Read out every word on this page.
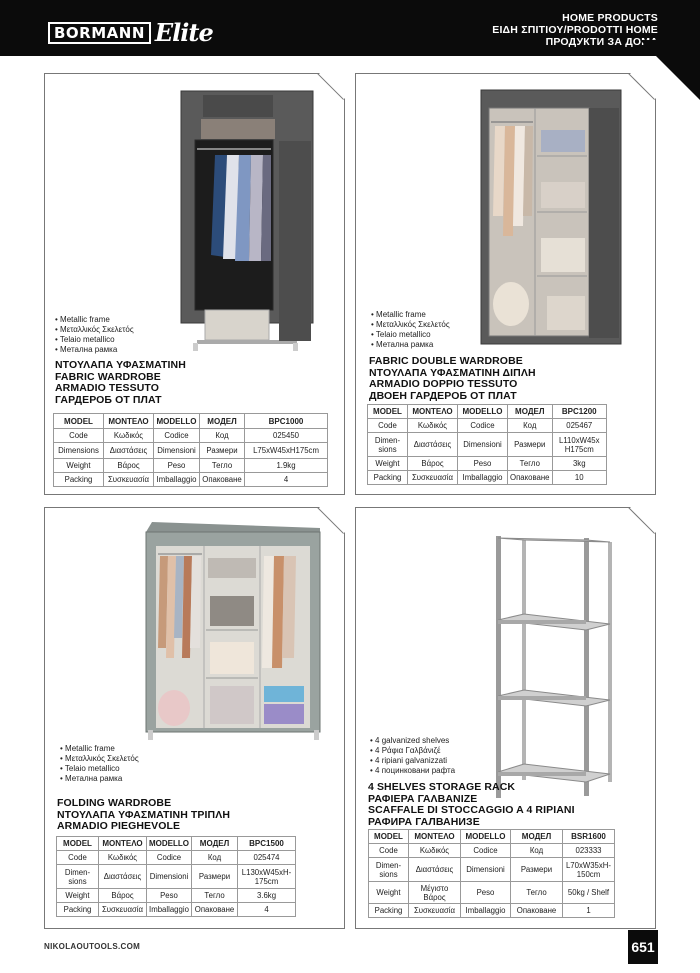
BORMANN Elite	HOME PRODUCTS
ΕΙΔΗ ΣΠΙΤΙΟΥ/PRODOTTI HOME
ПРОДУКТИ ЗА ДОМА
• Metallic frame
• Μεταλλικός Σκελετός
• Telaio metallico
• Метална рамка
ΝΤΟΥΛΑΠΑ ΥΦΑΣΜΑΤΙΝΗ
FABRIC WARDROBE
ARMADIO TESSUTO
ГАРДЕРОБ ОТ ПЛАТ
MODEL	ΜΟΝΤΕΛΟ	MODELLO	МОДЕЛ	BPC1000
Code	Κωδικός	Codice	Код	025450
Dimensions	Διαστάσεις	Dimensioni	Размери	L75xW45xH175cm
Weight	Βάρος	Peso	Тегло	1.9kg
Packing	Συσκευασία	Imballaggio	Опаковане	4
• Metallic frame
• Μεταλλικός Σκελετός
• Telaio metallico
• Метална рамка
FABRIC DOUBLE WARDROBE
ΝΤΟΥΛΑΠΑ ΥΦΑΣΜΑΤΙΝΗ ΔΙΠΛΗ
ARMADIO DOPPIO TESSUTO
ДВОЕН ГАРДЕРОБ ОТ ПЛАТ
MODEL	ΜΟΝΤΕΛΟ	MODELLO	МОДЕЛ	BPC1200
Code	Κωδικός	Codice	Код	025467
Dimen-sions	Διαστάσεις	Dimensioni	Размери	L110xW45x H175cm
Weight	Βάρος	Peso	Тегло	3kg
Packing	Συσκευασία	Imballaggio	Опаковане	10
• Metallic frame
• Μεταλλικός Σκελετός
• Telaio metallico
• Метална рамка
FOLDING WARDROBE
ΝΤΟΥΛΑΠΑ ΥΦΑΣΜΑΤΙΝΗ ΤΡΙΠΛΗ
ARMADIO PIEGHEVOLE
MODEL	ΜΟΝΤΕΛΟ	MODELLO	МОДЕЛ	BPC1500
Code	Κωδικός	Codice	Код	025474
Dimen-sions	Διαστάσεις	Dimensioni	Размери	L130xW45xH-175cm
Weight	Βάρος	Peso	Тегло	3.6kg
Packing	Συσκευασία	Imballaggio	Опаковане	4
• 4 galvanized shelves
• 4 Ράφια Γαλβάνιζέ
• 4 ripiani galvanizzati
• 4 поцинковани рафта
4 SHELVES STORAGE RACK
ΡΑΦΙΕΡΑ ΓΑΛΒΑΝΙΖΕ
SCAFFALE DI STOCCAGGIO A 4 RIPIANI
РАФИРА ГАЛВАНИЗЕ
MODEL	ΜΟΝΤΕΛΟ	MODELLO	МОДЕЛ	BSR1600
Code	Κωδικός	Codice	Код	023333
Dimen-sions	Διαστάσεις	Dimensioni	Размери	L70xW35xH-150cm
Weight	Μέγιστο Βάρος	Peso	Тегло	50kg / Shelf
Packing	Συσκευασία	Imballaggio	Опаковане	1
NIKOLAOUTOOLS.COM	651
